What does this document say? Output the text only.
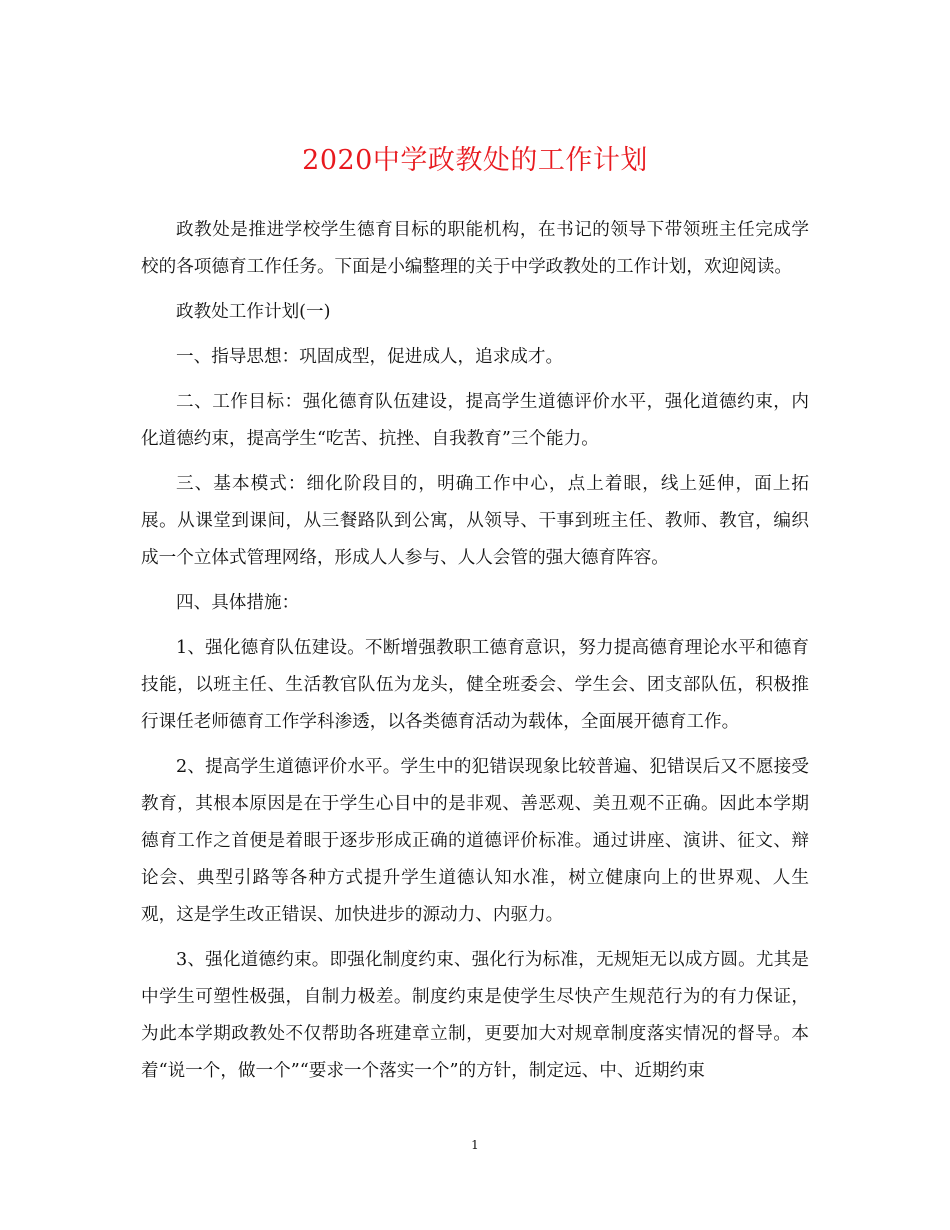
2020中学政教处的工作计划

政教处是推进学校学生德育目标的职能机构，在书记的领导下带领班主任完成学校的各项德育工作任务。下面是小编整理的关于中学政教处的工作计划，欢迎阅读。

政教处工作计划(一)

一、指导思想：巩固成型，促进成人，追求成才。

二、工作目标：强化德育队伍建设，提高学生道德评价水平，强化道德约束，内化道德约束，提高学生“吃苦、抗挫、自我教育”三个能力。

三、基本模式：细化阶段目的，明确工作中心，点上着眼，线上延伸，面上拓展。从课堂到课间，从三餐路队到公寓，从领导、干事到班主任、教师、教官，编织成一个立体式管理网络，形成人人参与、人人会管的强大德育阵容。

四、具体措施：

1、强化德育队伍建设。不断增强教职工德育意识，努力提高德育理论水平和德育技能，以班主任、生活教官队伍为龙头，健全班委会、学生会、团支部队伍，积极推行课任老师德育工作学科渗透，以各类德育活动为载体，全面展开德育工作。

2、提高学生道德评价水平。学生中的犯错误现象比较普遍、犯错误后又不愿接受教育，其根本原因是在于学生心目中的是非观、善恶观、美丑观不正确。因此本学期德育工作之首便是着眼于逐步形成正确的道德评价标准。通过讲座、演讲、征文、辩论会、典型引路等各种方式提升学生道德认知水准，树立健康向上的世界观、人生观，这是学生改正错误、加快进步的源动力、内驱力。

3、强化道德约束。即强化制度约束、强化行为标准，无规矩无以成方圆。尤其是中学生可塑性极强，自制力极差。制度约束是使学生尽快产生规范行为的有力保证，为此本学期政教处不仅帮助各班建章立制，更要加大对规章制度落实情况的督导。本着“说一个，做一个”“要求一个落实一个”的方针，制定远、中、近期约束

1
